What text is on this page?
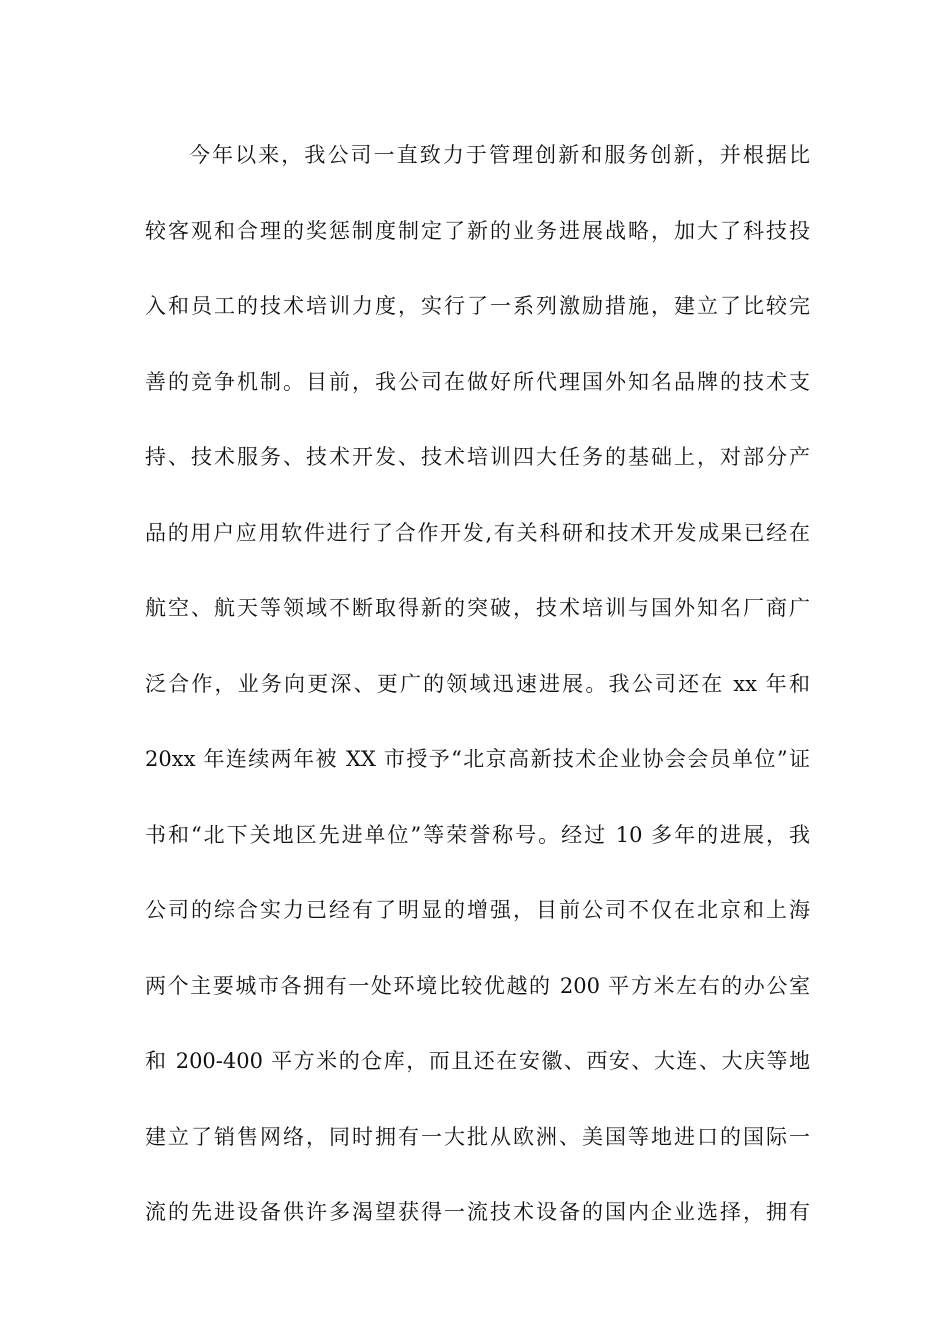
今年以来，我公司一直致力于管理创新和服务创新，并根据比
较客观和合理的奖惩制度制定了新的业务进展战略，加大了科技投
入和员工的技术培训力度，实行了一系列激励措施，建立了比较完
善的竞争机制。目前，我公司在做好所代理国外知名品牌的技术支
持、技术服务、技术开发、技术培训四大任务的基础上，对部分产
品的用户应用软件进行了合作开发,有关科研和技术开发成果已经在
航空、航天等领域不断取得新的突破，技术培训与国外知名厂商广
泛合作，业务向更深、更广的领域迅速进展。我公司还在 xx 年和
20xx 年连续两年被 XX 市授予“北京高新技术企业协会会员单位”证
书和“北下关地区先进单位”等荣誉称号。经过 10 多年的进展，我
公司的综合实力已经有了明显的增强，目前公司不仅在北京和上海
两个主要城市各拥有一处环境比较优越的 200 平方米左右的办公室
和 200-400 平方米的仓库，而且还在安徽、西安、大连、大庆等地
建立了销售网络，同时拥有一大批从欧洲、美国等地进口的国际一
流的先进设备供许多渴望获得一流技术设备的国内企业选择，拥有
